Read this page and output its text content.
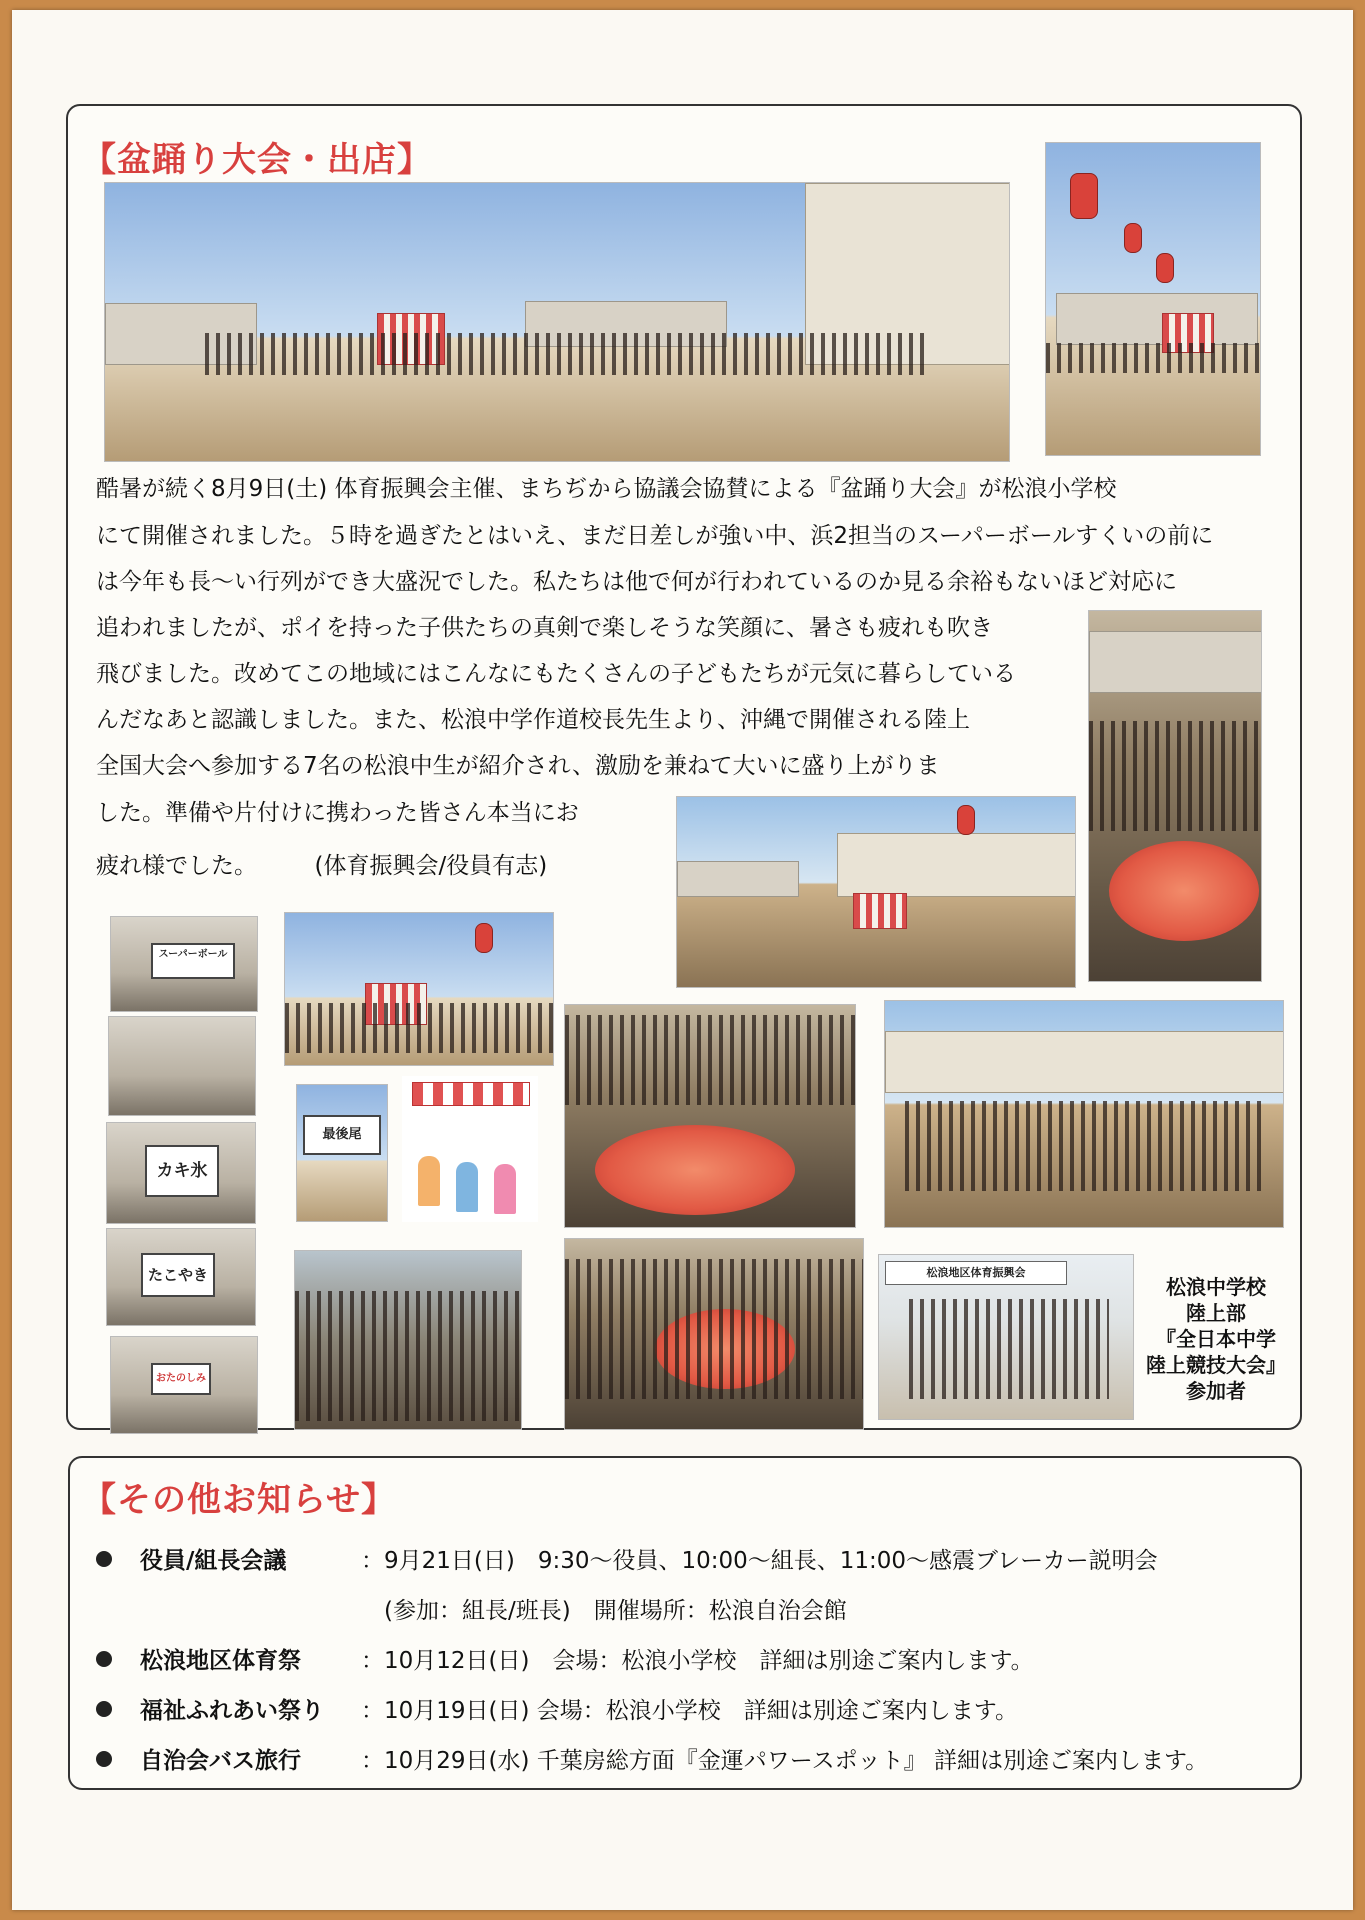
【盆踊り大会・出店】
酷暑が続く8月9日(土) 体育振興会主催、まちぢから協議会協賛による『盆踊り大会』が松浪小学校
にて開催されました。５時を過ぎたとはいえ、まだ日差しが強い中、浜2担当のスーパーボールすくいの前に
は今年も長～い行列ができ大盛況でした。私たちは他で何が行われているのか見る余裕もないほど対応に
追われましたが、ポイを持った子供たちの真剣で楽しそうな笑顔に、暑さも疲れも吹き
飛びました。改めてこの地域にはこんなにもたくさんの子どもたちが元気に暮らしている
んだなあと認識しました。また、松浪中学作道校長先生より、沖縄で開催される陸上
全国大会へ参加する7名の松浪中生が紹介され、激励を兼ねて大いに盛り上がりま
した。準備や片付けに携わった皆さん本当にお
疲れ様でした。　　　(体育振興会/役員有志)
スーパーボール
カキ氷
たこやき
おたのしみ
最後尾
松浪地区体育振興会
松浪中学校
陸上部
『全日本中学
陸上競技大会』
参加者
【その他お知らせ】
役員/組長会議	：9月21日(日)　9:30～役員、10:00～組長、11:00～感震ブレーカー説明会
(参加：組長/班長)　開催場所：松浪自治会館
松浪地区体育祭	：10月12日(日)　会場：松浪小学校　詳細は別途ご案内します。
福祉ふれあい祭り ：10月19日(日) 会場：松浪小学校　詳細は別途ご案内します。
自治会バス旅行	：10月29日(水) 千葉房総方面『金運パワースポット』 詳細は別途ご案内します。
